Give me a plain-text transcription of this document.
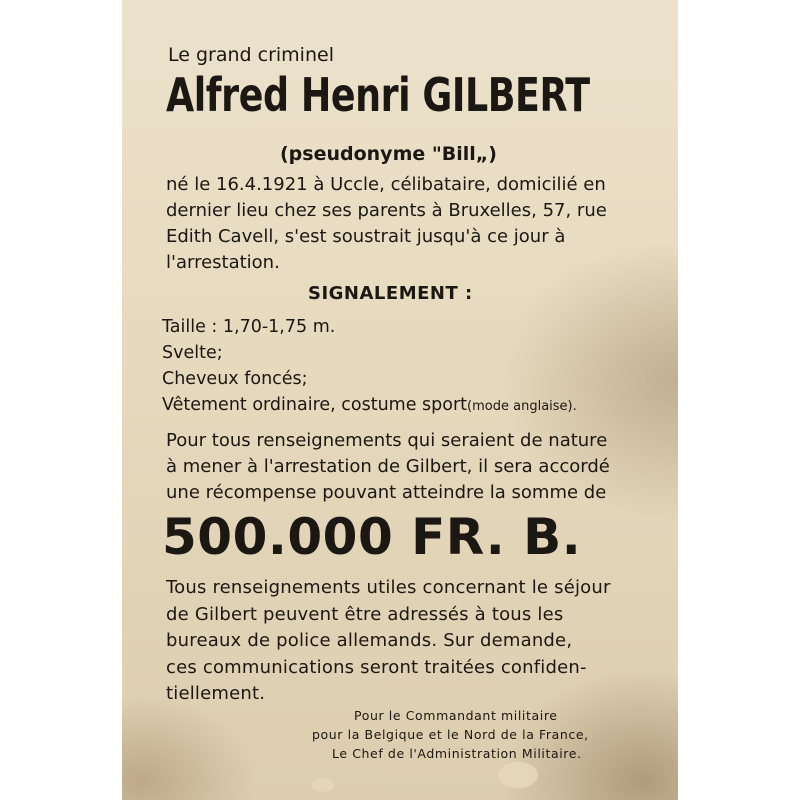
Le grand criminel
Alfred Henri GILBERT
(pseudonyme "Bill„)
né le 16.4.1921 à Uccle, célibataire, domicilié en
dernier lieu chez ses parents à Bruxelles, 57, rue
Edith Cavell, s'est soustrait jusqu'à ce jour à
l'arrestation.
SIGNALEMENT :
Taille : 1,70-1,75 m.
Svelte;
Cheveux foncés;
Vêtement ordinaire, costume sport(mode anglaise).
Pour tous renseignements qui seraient de nature
à mener à l'arrestation de Gilbert, il sera accordé
une récompense pouvant atteindre la somme de
500.000 FR. B.
Tous renseignements utiles concernant le séjour
de Gilbert peuvent être adressés à tous les
bureaux de police allemands. Sur demande,
ces communications seront traitées confiden-
tiellement.
Pour le Commandant militaire
pour la Belgique et le Nord de la France,
Le Chef de l'Administration Militaire.
